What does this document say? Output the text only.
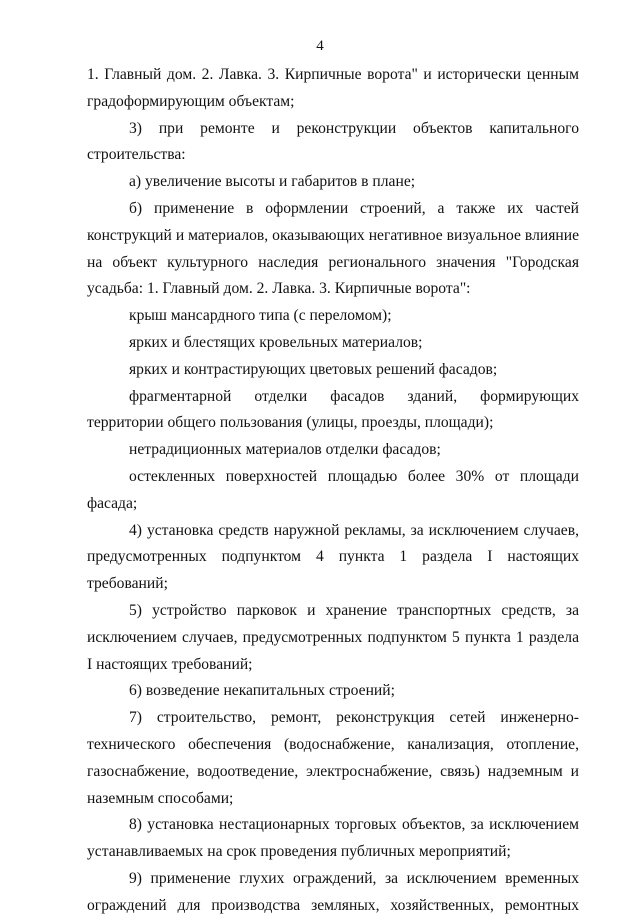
4

1. Главный дом. 2. Лавка. 3. Кирпичные ворота" и исторически ценным градоформирующим объектам;

3) при ремонте и реконструкции объектов капитального строительства:

а) увеличение высоты и габаритов в плане;

б) применение в оформлении строений, а также их частей конструкций и материалов, оказывающих негативное визуальное влияние на объект культурного наследия регионального значения "Городская усадьба: 1. Главный дом. 2. Лавка. 3. Кирпичные ворота":

крыш мансардного типа (с переломом);

ярких и блестящих кровельных материалов;

ярких и контрастирующих цветовых решений фасадов;

фрагментарной отделки фасадов зданий, формирующих территории общего пользования (улицы, проезды, площади);

нетрадиционных материалов отделки фасадов;

остекленных поверхностей площадью более 30% от площади фасада;

4) установка средств наружной рекламы, за исключением случаев, предусмотренных подпунктом 4 пункта 1 раздела I настоящих требований;

5) устройство парковок и хранение транспортных средств, за исключением случаев, предусмотренных подпунктом 5 пункта 1 раздела I настоящих требований;

6) возведение некапитальных строений;

7) строительство, ремонт, реконструкция сетей инженерно-технического обеспечения (водоснабжение, канализация, отопление, газоснабжение, водоотведение, электроснабжение, связь) надземным и наземным способами;

8) установка нестационарных торговых объектов, за исключением устанавливаемых на срок проведения публичных мероприятий;

9) применение глухих ограждений, за исключением временных ограждений для производства земляных, хозяйственных, ремонтных
